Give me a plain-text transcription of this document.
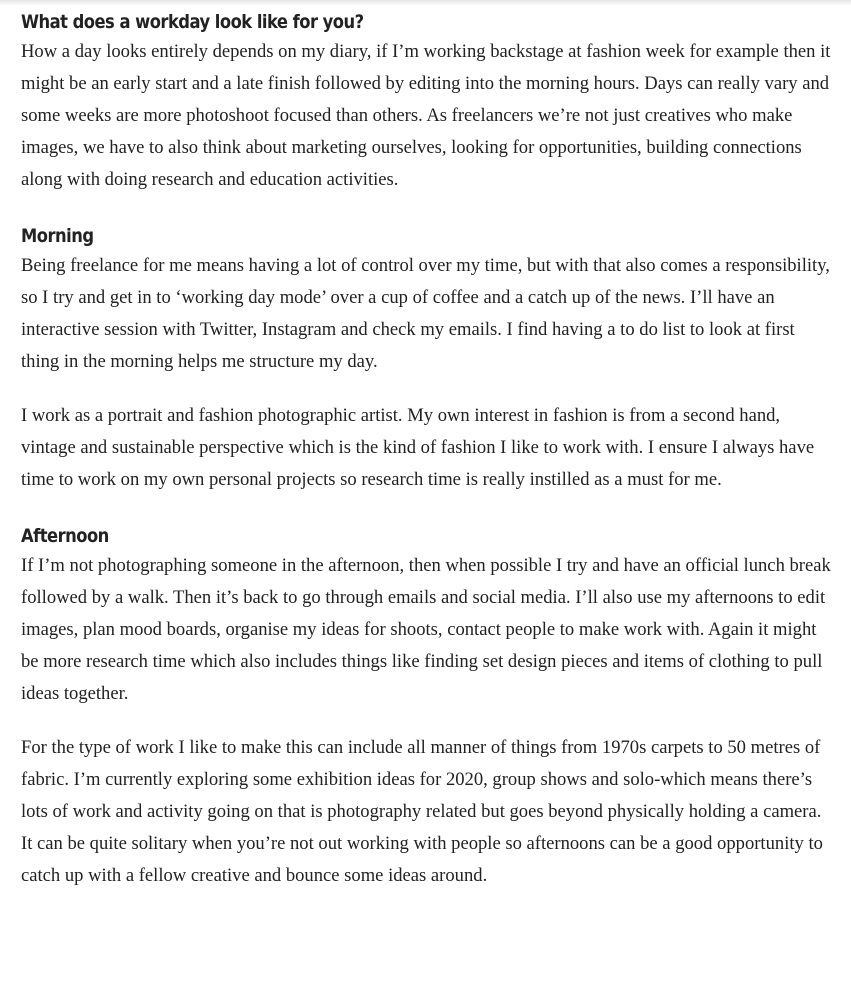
What does a workday look like for you?

How a day looks entirely depends on my diary, if I’m working backstage at fashion week for example then it might be an early start and a late finish followed by editing into the morning hours. Days can really vary and some weeks are more photoshoot focused than others. As freelancers we’re not just creatives who make images, we have to also think about marketing ourselves, looking for opportunities, building connections along with doing research and education activities.

Morning

Being freelance for me means having a lot of control over my time, but with that also comes a responsibility, so I try and get in to ‘working day mode’ over a cup of coffee and a catch up of the news. I’ll have an interactive session with Twitter, Instagram and check my emails. I find having a to do list to look at first thing in the morning helps me structure my day.

I work as a portrait and fashion photographic artist. My own interest in fashion is from a second hand, vintage and sustainable perspective which is the kind of fashion I like to work with. I ensure I always have time to work on my own personal projects so research time is really instilled as a must for me.

Afternoon

If I’m not photographing someone in the afternoon, then when possible I try and have an official lunch break followed by a walk. Then it’s back to go through emails and social media. I’ll also use my afternoons to edit images, plan mood boards, organise my ideas for shoots, contact people to make work with. Again it might be more research time which also includes things like finding set design pieces and items of clothing to pull ideas together.

For the type of work I like to make this can include all manner of things from 1970s carpets to 50 metres of fabric. I’m currently exploring some exhibition ideas for 2020, group shows and solo-which means there’s lots of work and activity going on that is photography related but goes beyond physically holding a camera. It can be quite solitary when you’re not out working with people so afternoons can be a good opportunity to catch up with a fellow creative and bounce some ideas around.
